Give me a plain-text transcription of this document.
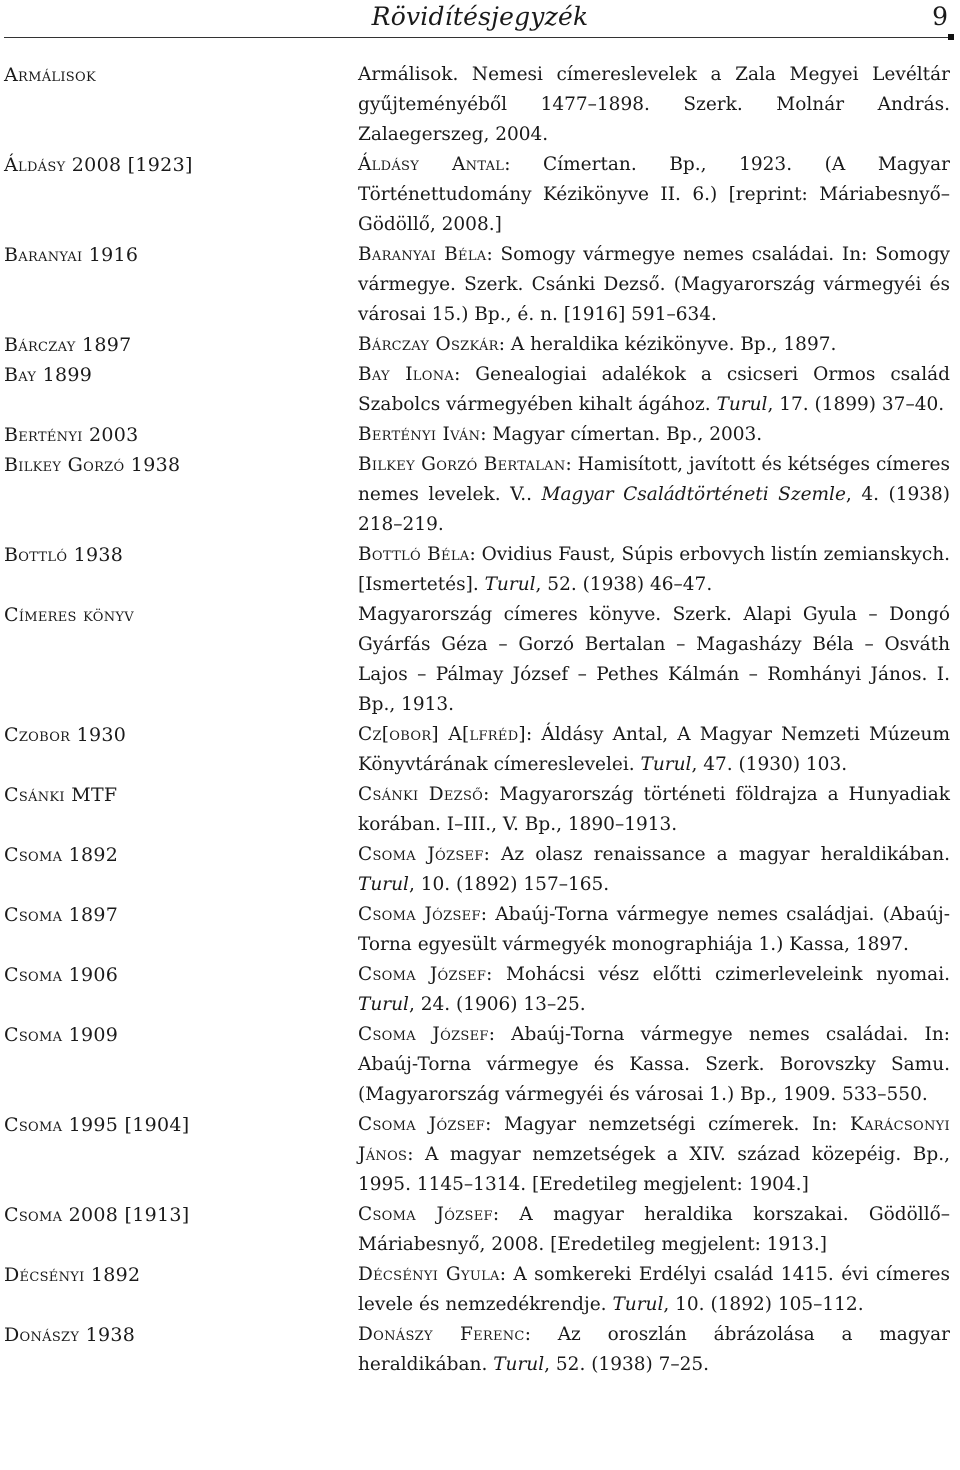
Rövidítésjegyzék	9
Armálisok	Armálisok. Nemesi címereslevelek a Zala Megyei Levéltár gyűjteményéből 1477–1898. Szerk. Molnár András. Zalaegerszeg, 2004.
Áldásy 2008 [1923]	Áldásy Antal: Címertan. Bp., 1923. (A Magyar Történettudomány Kézikönyve II. 6.) [reprint: Máriabesnyő–Gödöllő, 2008.]
Baranyai 1916	Baranyai Béla: Somogy vármegye nemes családai. In: Somogy vármegye. Szerk. Csánki Dezső. (Magyarország vármegyéi és városai 15.) Bp., é. n. [1916] 591–634.
Bárczay 1897	Bárczay Oszkár: A heraldika kézikönyve. Bp., 1897.
Bay 1899	Bay Ilona: Genealogiai adalékok a csicseri Ormos család Szabolcs vármegyében kihalt ágához. Turul, 17. (1899) 37–40.
Bertényi 2003	Bertényi Iván: Magyar címertan. Bp., 2003.
Bilkey Gorzó 1938	Bilkey Gorzó Bertalan: Hamisított, javított és kétséges címeres nemes levelek. V.. Magyar Családtörténeti Szemle, 4. (1938) 218–219.
Bottló 1938	Bottló Béla: Ovidius Faust, Súpis erbovych listín zemianskych. [Ismertetés]. Turul, 52. (1938) 46–47.
Címeres könyv	Magyarország címeres könyve. Szerk. Alapi Gyula – Dongó Gyárfás Géza – Gorzó Bertalan – Magasházy Béla – Osváth Lajos – Pálmay József – Pethes Kálmán – Romhányi János. I. Bp., 1913.
Czobor 1930	Cz[obor] A[lfréd]: Áldásy Antal, A Magyar Nemzeti Múzeum Könyvtárának címereslevelei. Turul, 47. (1930) 103.
Csánki MTF	Csánki Dezső: Magyarország történeti földrajza a Hunyadiak korában. I–III., V. Bp., 1890–1913.
Csoma 1892	Csoma József: Az olasz renaissance a magyar heraldikában. Turul, 10. (1892) 157–165.
Csoma 1897	Csoma József: Abaúj-Torna vármegye nemes családjai. (Abaúj-Torna egyesült vármegyék monographiája 1.) Kassa, 1897.
Csoma 1906	Csoma József: Mohácsi vész előtti czimerleveleink nyomai. Turul, 24. (1906) 13–25.
Csoma 1909	Csoma József: Abaúj-Torna vármegye nemes családai. In: Abaúj-Torna vármegye és Kassa. Szerk. Borovszky Samu. (Magyarország vármegyéi és városai 1.) Bp., 1909. 533–550.
Csoma 1995 [1904]	Csoma József: Magyar nemzetségi czímerek. In: Karácsonyi János: A magyar nemzetségek a XIV. század közepéig. Bp., 1995. 1145–1314. [Eredetileg megjelent: 1904.]
Csoma 2008 [1913]	Csoma József: A magyar heraldika korszakai. Gödöllő–Máriabesnyő, 2008. [Eredetileg megjelent: 1913.]
Décsényi 1892	Décsényi Gyula: A somkereki Erdélyi család 1415. évi címeres levele és nemzedékrendje. Turul, 10. (1892) 105–112.
Donászy 1938	Donászy Ferenc: Az oroszlán ábrázolása a magyar heraldikában. Turul, 52. (1938) 7–25.
